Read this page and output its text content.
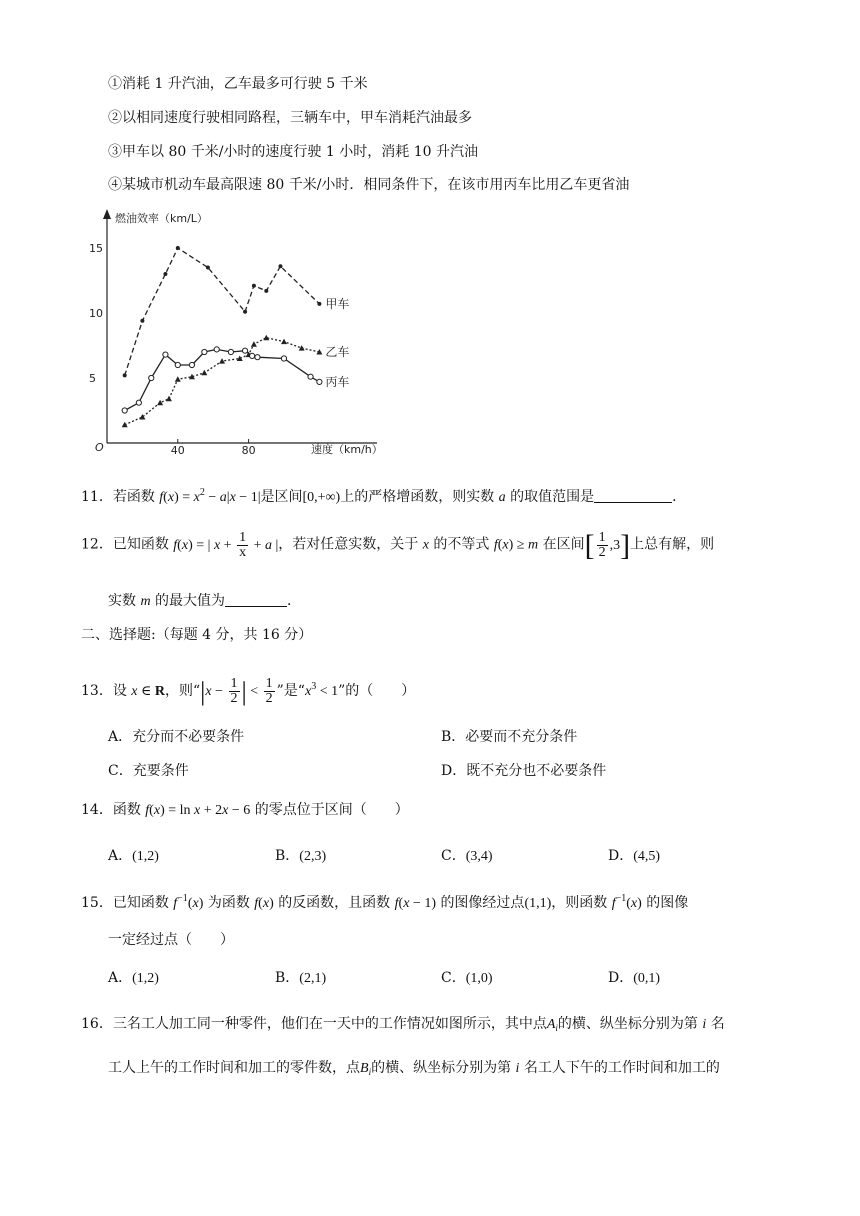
①消耗 1 升汽油，乙车最多可行驶 5 千米
②以相同速度行驶相同路程，三辆车中，甲车消耗汽油最多
③甲车以 80 千米/小时的速度行驶 1 小时，消耗 10 升汽油
④某城市机动车最高限速 80 千米/小时．相同条件下，在该市用丙车比用乙车更省油
燃油效率（km/L）
速度（km/h）
O
5
10
15
40	80
甲车
乙车
丙车
11．若函数 $f(x) = x^2 - a|x - 1|$是区间[0,+∞)上的严格增函数，则实数 a 的取值范围是	．
12．已知函数 f(x) = | $x + \frac{1}{x} + a$ |，若对任意实数，关于 x 的不等式 f(x) ≥ m 在区间[ $\frac{1}{2} ,3$]上总有解，则
实数 m 的最大值为	．
二、选择题:（每题 4 分，共 16 分）
13．设 x ∈ R，则“$|x - \frac{1}{2}$ | < $\frac{1}{2}$ ”是“$x^3 < 1$”的（　　）
A．充分而不必要条件	B．必要而不充分条件
C．充要条件	D．既不充分也不必要条件
14．函数 f(x) = ln x + 2x − 6 的零点位于区间（　　）
A．(1,2)	B．(2,3)	C．(3,4)	D．(4,5)
15．已知函数 $f^{-1}(x)$ 为函数 f(x) 的反函数，且函数 f(x − 1) 的图像经过点(1,1)，则函数 $f^{-1}(x)$ 的图像
一定经过点（　　）
A．(1,2)	B．(2,1)	C．(1,0)	D．(0,1)
16．三名工人加工同一种零件，他们在一天中的工作情况如图所示，其中点$A_i$的横、纵坐标分别为第 i 名
工人上午的工作时间和加工的零件数，点$B_i$的横、纵坐标分别为第 i 名工人下午的工作时间和加工的
